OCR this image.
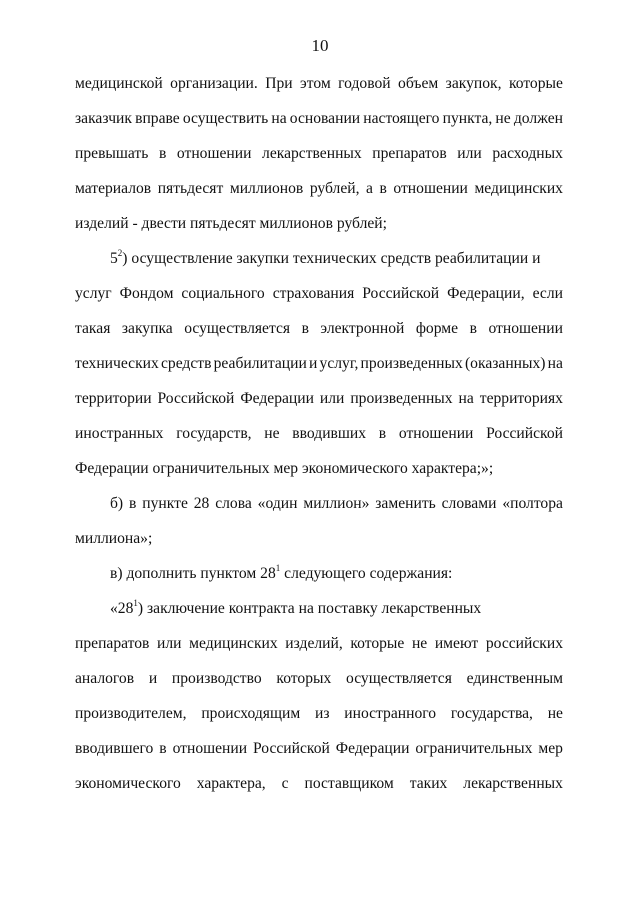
10
медицинской организации. При этом годовой объем закупок, которые
заказчик вправе осуществить на основании настоящего пункта, не должен
превышать в отношении лекарственных препаратов или расходных
материалов пятьдесят миллионов рублей, а в отношении медицинских
изделий - двести пятьдесят миллионов рублей;
$5^2$) осуществление закупки технических средств реабилитации и
услуг Фондом социального страхования Российской Федерации, если
такая закупка осуществляется в электронной форме в отношении
технических средств реабилитации и услуг, произведенных (оказанных) на
территории Российской Федерации или произведенных на территориях
иностранных государств, не вводивших в отношении Российской
Федерации ограничительных мер экономического характера;»;
б) в пункте 28 слова «один миллион» заменить словами «полтора
миллиона»;
в) дополнить пунктом $28^1$ следующего содержания:
«$28^1$) заключение контракта на поставку лекарственных
препаратов или медицинских изделий, которые не имеют российских
аналогов и производство которых осуществляется единственным
производителем, происходящим из иностранного государства, не
вводившего в отношении Российской Федерации ограничительных мер
экономического характера, с поставщиком таких лекарственных
